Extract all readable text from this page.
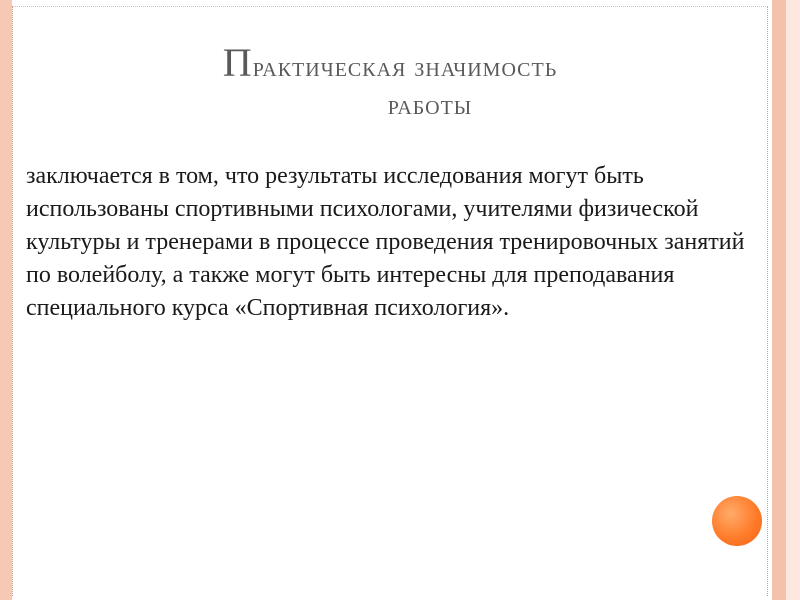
Практическая значимость
работы
заключается в том, что результаты исследования могут быть использованы спортивными психологами, учителями физической культуры и тренерами в процессе проведения тренировочных занятий по волейболу, а также могут быть интересны для преподавания специального курса «Спортивная психология».
